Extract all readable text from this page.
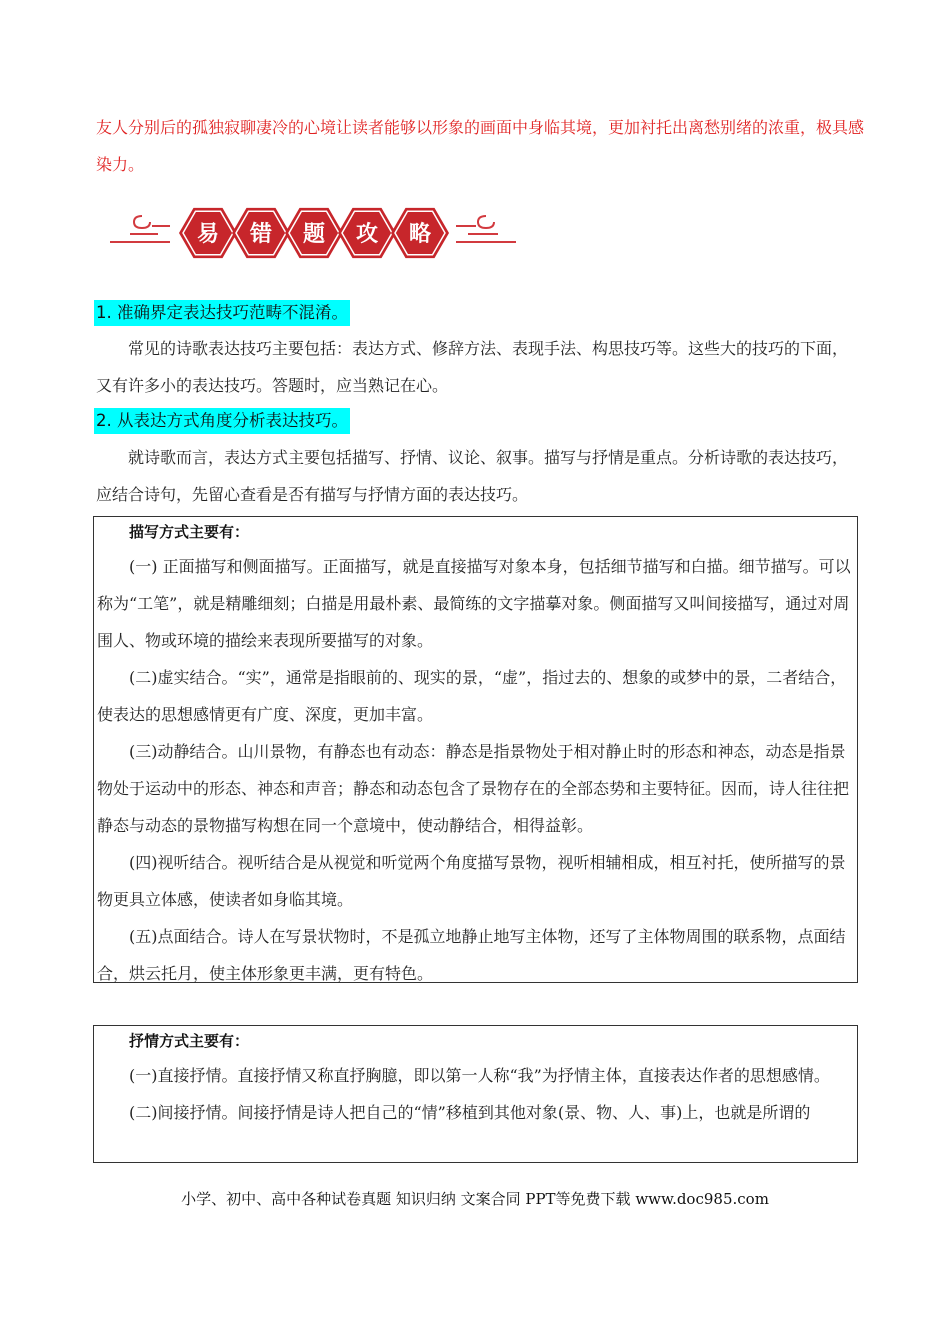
友人分别后的孤独寂聊凄冷的心境让读者能够以形象的画面中身临其境，更加衬托出离愁别绪的浓重，极具感染力。

易 错 题 攻 略
1. 准确界定表达技巧范畴不混淆。

常见的诗歌表达技巧主要包括：表达方式、修辞方法、表现手法、构思技巧等。这些大的技巧的下面，又有许多小的表达技巧。答题时，应当熟记在心。

2. 从表达方式角度分析表达技巧。

就诗歌而言，表达方式主要包括描写、抒情、议论、叙事。描写与抒情是重点。分析诗歌的表达技巧，应结合诗句，先留心查看是否有描写与抒情方面的表达技巧。

描写方式主要有：

(一) 正面描写和侧面描写。正面描写，就是直接描写对象本身，包括细节描写和白描。细节描写。可以称为“工笔”，就是精雕细刻；白描是用最朴素、最简练的文字描摹对象。侧面描写又叫间接描写，通过对周围人、物或环境的描绘来表现所要描写的对象。

(二)虚实结合。“实”，通常是指眼前的、现实的景，“虚”，指过去的、想象的或梦中的景，二者结合，使表达的思想感情更有广度、深度，更加丰富。

(三)动静结合。山川景物，有静态也有动态：静态是指景物处于相对静止时的形态和神态，动态是指景物处于运动中的形态、神态和声音；静态和动态包含了景物存在的全部态势和主要特征。因而，诗人往往把静态与动态的景物描写构想在同一个意境中，使动静结合，相得益彰。

(四)视听结合。视听结合是从视觉和听觉两个角度描写景物，视听相辅相成，相互衬托，使所描写的景物更具立体感，使读者如身临其境。

(五)点面结合。诗人在写景状物时，不是孤立地静止地写主体物，还写了主体物周围的联系物，点面结合，烘云托月，使主体形象更丰满，更有特色。

抒情方式主要有：

(一)直接抒情。直接抒情又称直抒胸臆，即以第一人称“我”为抒情主体，直接表达作者的思想感情。

(二)间接抒情。间接抒情是诗人把自己的“情”移植到其他对象(景、物、人、事)上，也就是所谓的

小学、初中、高中各种试卷真题 知识归纳 文案合同 PPT等免费下载 www.doc985.com
